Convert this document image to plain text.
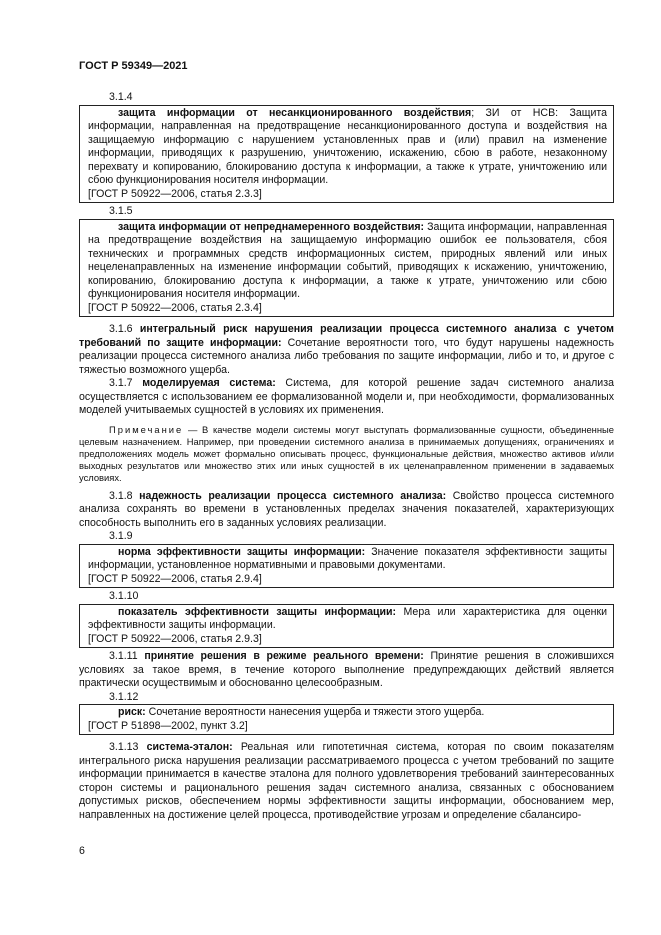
ГОСТ Р 59349—2021
3.1.4

защита информации от несанкционированного воздействия; ЗИ от НСВ: Защита информации, направленная на предотвращение несанкционированного доступа и воздействия на защищаемую информацию с нарушением установленных прав и (или) правил на изменение информации, приводящих к разрушению, уничтожению, искажению, сбою в работе, незаконному перехвату и копированию, блокированию доступа к информации, а также к утрате, уничтожению или сбою функционирования носителя информации.

[ГОСТ Р 50922—2006, статья 2.3.3]
3.1.5

защита информации от непреднамеренного воздействия: Защита информации, направленная на предотвращение воздействия на защищаемую информацию ошибок ее пользователя, сбоя технических и программных средств информационных систем, природных явлений или иных нецеленаправленных на изменение информации событий, приводящих к искажению, уничтожению, копированию, блокированию доступа к информации, а также к утрате, уничтожению или сбою функционирования носителя информации.

[ГОСТ Р 50922—2006, статья 2.3.4]

3.1.6 интегральный риск нарушения реализации процесса системного анализа с учетом требований по защите информации: Сочетание вероятности того, что будут нарушены надежность реализации процесса системного анализа либо требования по защите информации, либо и то, и другое с тяжестью возможного ущерба.

3.1.7 моделируемая система: Система, для которой решение задач системного анализа осуществляется с использованием ее формализованной модели и, при необходимости, формализованных моделей учитываемых сущностей в условиях их применения.

Примечание — В качестве модели системы могут выступать формализованные сущности, объединенные целевым назначением. Например, при проведении системного анализа в принимаемых допущениях, ограничениях и предположениях модель может формально описывать процесс, функциональные действия, множество активов и/или выходных результатов или множество этих или иных сущностей в их целенаправленном применении в задаваемых условиях.

3.1.8 надежность реализации процесса системного анализа: Свойство процесса системного анализа сохранять во времени в установленных пределах значения показателей, характеризующих способность выполнить его в заданных условиях реализации.

3.1.9

норма эффективности защиты информации: Значение показателя эффективности защиты информации, установленное нормативными и правовыми документами.

[ГОСТ Р 50922—2006, статья 2.9.4]
3.1.10

показатель эффективности защиты информации: Мера или характеристика для оценки эффективности защиты информации.

[ГОСТ Р 50922—2006, статья 2.9.3]

3.1.11 принятие решения в режиме реального времени: Принятие решения в сложившихся условиях за такое время, в течение которого выполнение предупреждающих действий является практически осуществимым и обоснованно целесообразным.

3.1.12

риск: Сочетание вероятности нанесения ущерба и тяжести этого ущерба.

[ГОСТ Р 51898—2002, пункт 3.2]

3.1.13 система-эталон: Реальная или гипотетичная система, которая по своим показателям интегрального риска нарушения реализации рассматриваемого процесса с учетом требований по защите информации принимается в качестве эталона для полного удовлетворения требований заинтересованных сторон системы и рационального решения задач системного анализа, связанных с обоснованием допустимых рисков, обеспечением нормы эффективности защиты информации, обоснованием мер, направленных на достижение целей процесса, противодействие угрозам и определение сбалансиро-

6
